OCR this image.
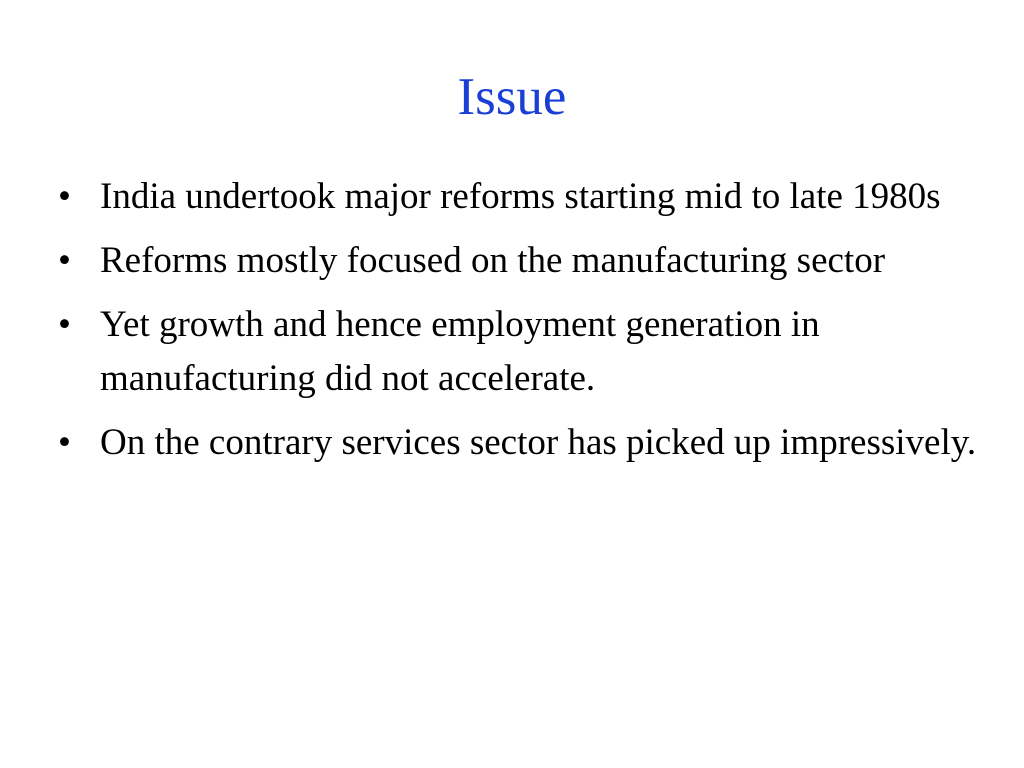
Issue
• India undertook major reforms starting mid to late 1980s
• Reforms mostly focused on the manufacturing sector
• Yet growth and hence employment generation in manufacturing did not accelerate.
• On the contrary services sector has picked up impressively.
